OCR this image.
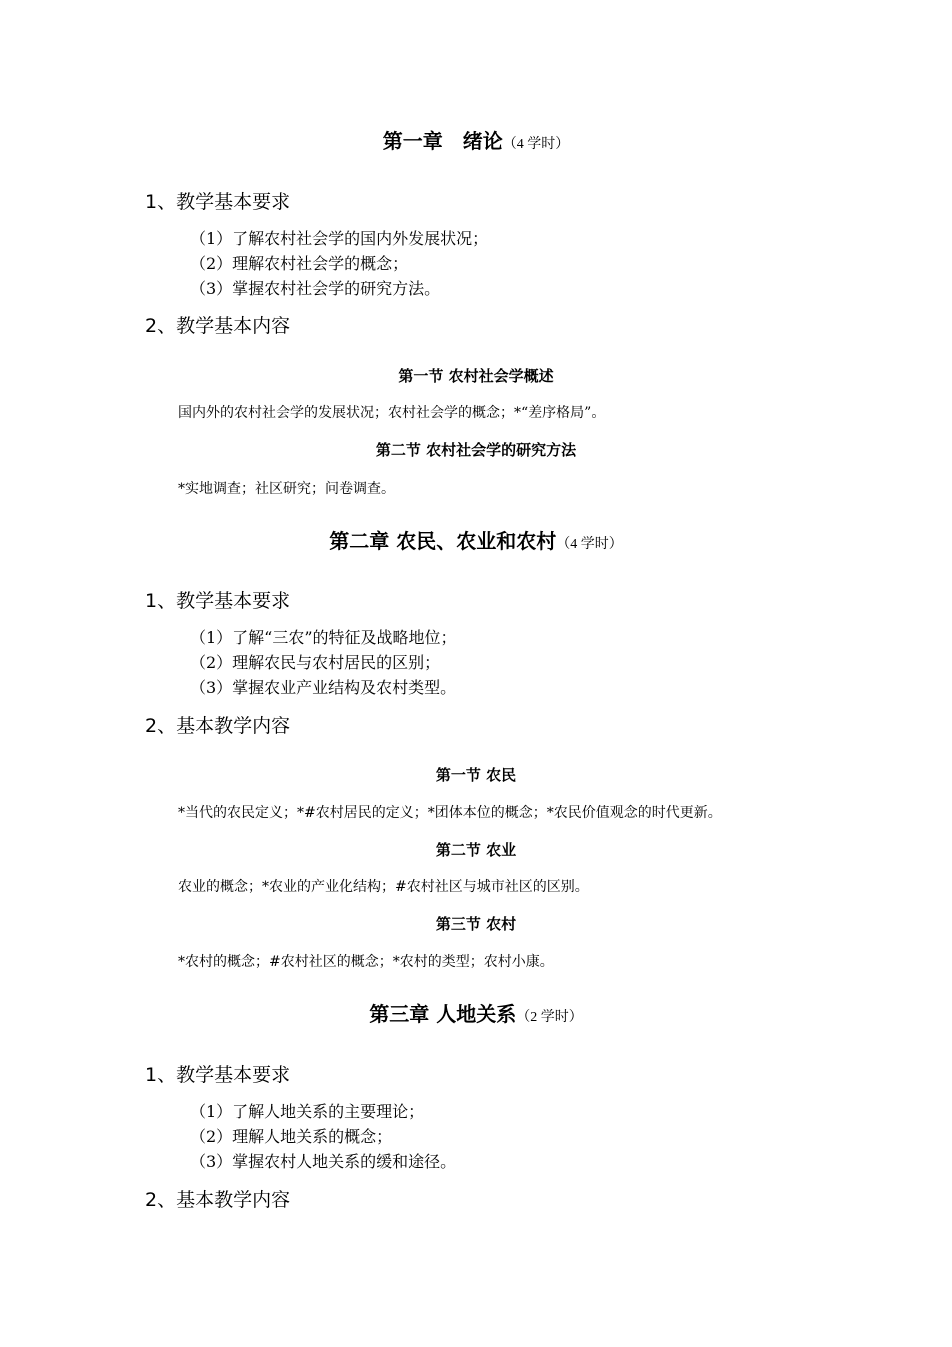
第一章　绪论（4 学时）
1、教学基本要求
（1）了解农村社会学的国内外发展状况；
（2）理解农村社会学的概念；
（3）掌握农村社会学的研究方法。
2、教学基本内容
第一节 农村社会学概述
国内外的农村社会学的发展状况；农村社会学的概念；*“差序格局”。
第二节 农村社会学的研究方法
*实地调查；社区研究；问卷调查。
第二章 农民、农业和农村（4 学时）
1、教学基本要求
（1）了解“三农”的特征及战略地位；
（2）理解农民与农村居民的区别；
（3）掌握农业产业结构及农村类型。
2、基本教学内容
第一节 农民
*当代的农民定义；*#农村居民的定义；*团体本位的概念；*农民价值观念的时代更新。
第二节 农业
农业的概念；*农业的产业化结构；#农村社区与城市社区的区别。
第三节 农村
*农村的概念；#农村社区的概念；*农村的类型；农村小康。
第三章 人地关系（2 学时）
1、教学基本要求
（1）了解人地关系的主要理论；
（2）理解人地关系的概念；
（3）掌握农村人地关系的缓和途径。
2、基本教学内容
